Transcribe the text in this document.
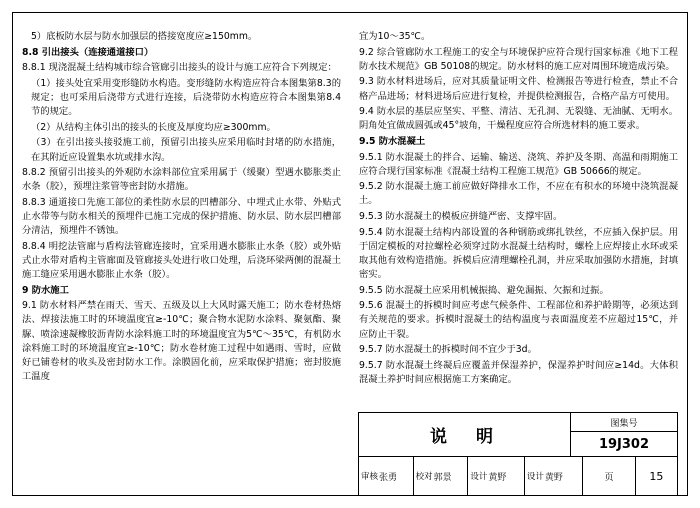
5）底板防水层与防水加强层的搭接宽度应≥150mm。

8.8 引出接头（连接通道接口）

8.8.1 现浇混凝土结构城市综合管廊引出接头的设计与施工应符合下列规定：

（1）接头处宜采用变形缝防水构造。变形缝防水构造应符合本图集第8.3的规定；也可采用后浇带方式进行连接，后浇带防水构造应符合本图集第8.4节的规定。

（2）从结构主体引出的接头的长度及厚度均应≥300mm。

（3）在引出接头接驳施工前，预留引出接头应采用临时封堵的防水措施，在其附近应设置集水坑或排水沟。

8.8.2 预留引出接头的外观防水涂料部位宜采用属于（缓聚）型遇水膨胀类止水条（胶），预埋注浆管等密封防水措施。

8.8.3 通道接口先施工部位的柔性防水层的凹槽部分、中埋式止水带、外贴式止水带等与防水相关的预埋件已施工完成的保护措施、防水层、防水层凹槽部分清洁，预埋件不锈蚀。

8.8.4 明挖法管廊与盾构法管廊连接时，宜采用遇水膨胀止水条（胶）或外贴式止水带对盾构主管廊面及管廊接头处进行收口处理，后浇环梁两侧的混凝土施工缝应采用遇水膨胀止水条（胶）。

9 防水施工

9.1 防水材料严禁在雨天、雪天、五级及以上大风时露天施工；防水卷材热熔法、焊接法施工时的环境温度宜≥-10℃；聚合物水泥防水涂料、聚氨酯、聚脲、喷涂速凝橡胶沥青防水涂料施工时的环境温度宜为5℃～35℃，有机防水涂料施工时的环境温度宜≥-10℃；防水卷材施工过程中如遇雨、雪时，应做好已铺卷材的收头及密封防水工作。涂膜固化前，应采取保护措施；密封胶施工温度

宜为10～35℃。

9.2 综合管廊防水工程施工的安全与环境保护应符合现行国家标准《地下工程防水技术规范》GB 50108的规定。防水材料的施工应对周围环境造成污染。

9.3 防水材料进场后，应对其质量证明文件、检测报告等进行检查，禁止不合格产品进场；材料进场后应进行复检，并提供检测报告，合格产品方可使用。

9.4 防水层的基层应坚实、平整、清洁、无孔洞、无裂缝、无油腻、无明水。阴角处宜做成圆弧或45°坡角，干燥程度应符合所选材料的施工要求。

9.5 防水混凝土

9.5.1 防水混凝土的拌合、运输、输送、浇筑、养护及冬期、高温和雨期施工应符合现行国家标准《混凝土结构工程施工规范》GB 50666的规定。

9.5.2 防水混凝土施工前应做好降排水工作，不应在有积水的环境中浇筑混凝土。

9.5.3 防水混凝土的模板应拼缝严密、支撑牢固。

9.5.4 防水混凝土结构内部设置的各种钢筋或绑扎铁丝，不应插入保护层。用于固定模板的对拉螺栓必须穿过防水混凝土结构时，螺栓上应焊接止水环或采取其他有效构造措施。拆模后应清理螺栓孔洞，并应采取加强防水措施，封填密实。

9.5.5 防水混凝土应采用机械振捣、避免漏振、欠振和过振。

9.5.6 混凝土的拆模时间应考虑气候条件、工程部位和养护龄期等，必须达到有关规范的要求。拆模时混凝土的结构温度与表面温度差不应超过15℃，并应防止干裂。

9.5.7 防水混凝土的拆模时间不宜少于3d。

9.5.7 防水混凝土终凝后应覆盖并保湿养护，保湿养护时间应≥14d。大体积混凝土养护时间应根据施工方案确定。

说　明
图集号
19J302
审核 张勇 校对 郭景 设计 黄野 设计 黄野	页	15
